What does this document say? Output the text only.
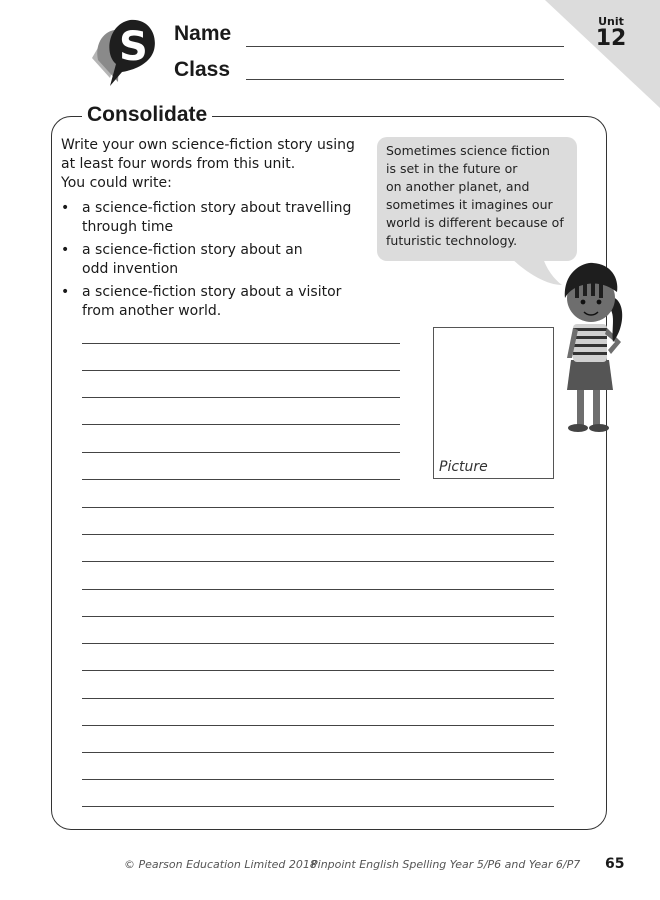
Unit
12
S Name
Class
Consolidate

Write your own science-fiction story using

at least four words from this unit.

You could write:

• a science-fiction story about travelling
through time
• a science-fiction story about an
odd invention
• a science-fiction story about a visitor
from another world.
Sometimes science fiction
is set in the future or
on another planet, and
sometimes it imagines our
world is different because of
futuristic technology.
Picture
© Pearson Education Limited 2018
Pinpoint English Spelling Year 5/P6 and Year 6/P7 65
